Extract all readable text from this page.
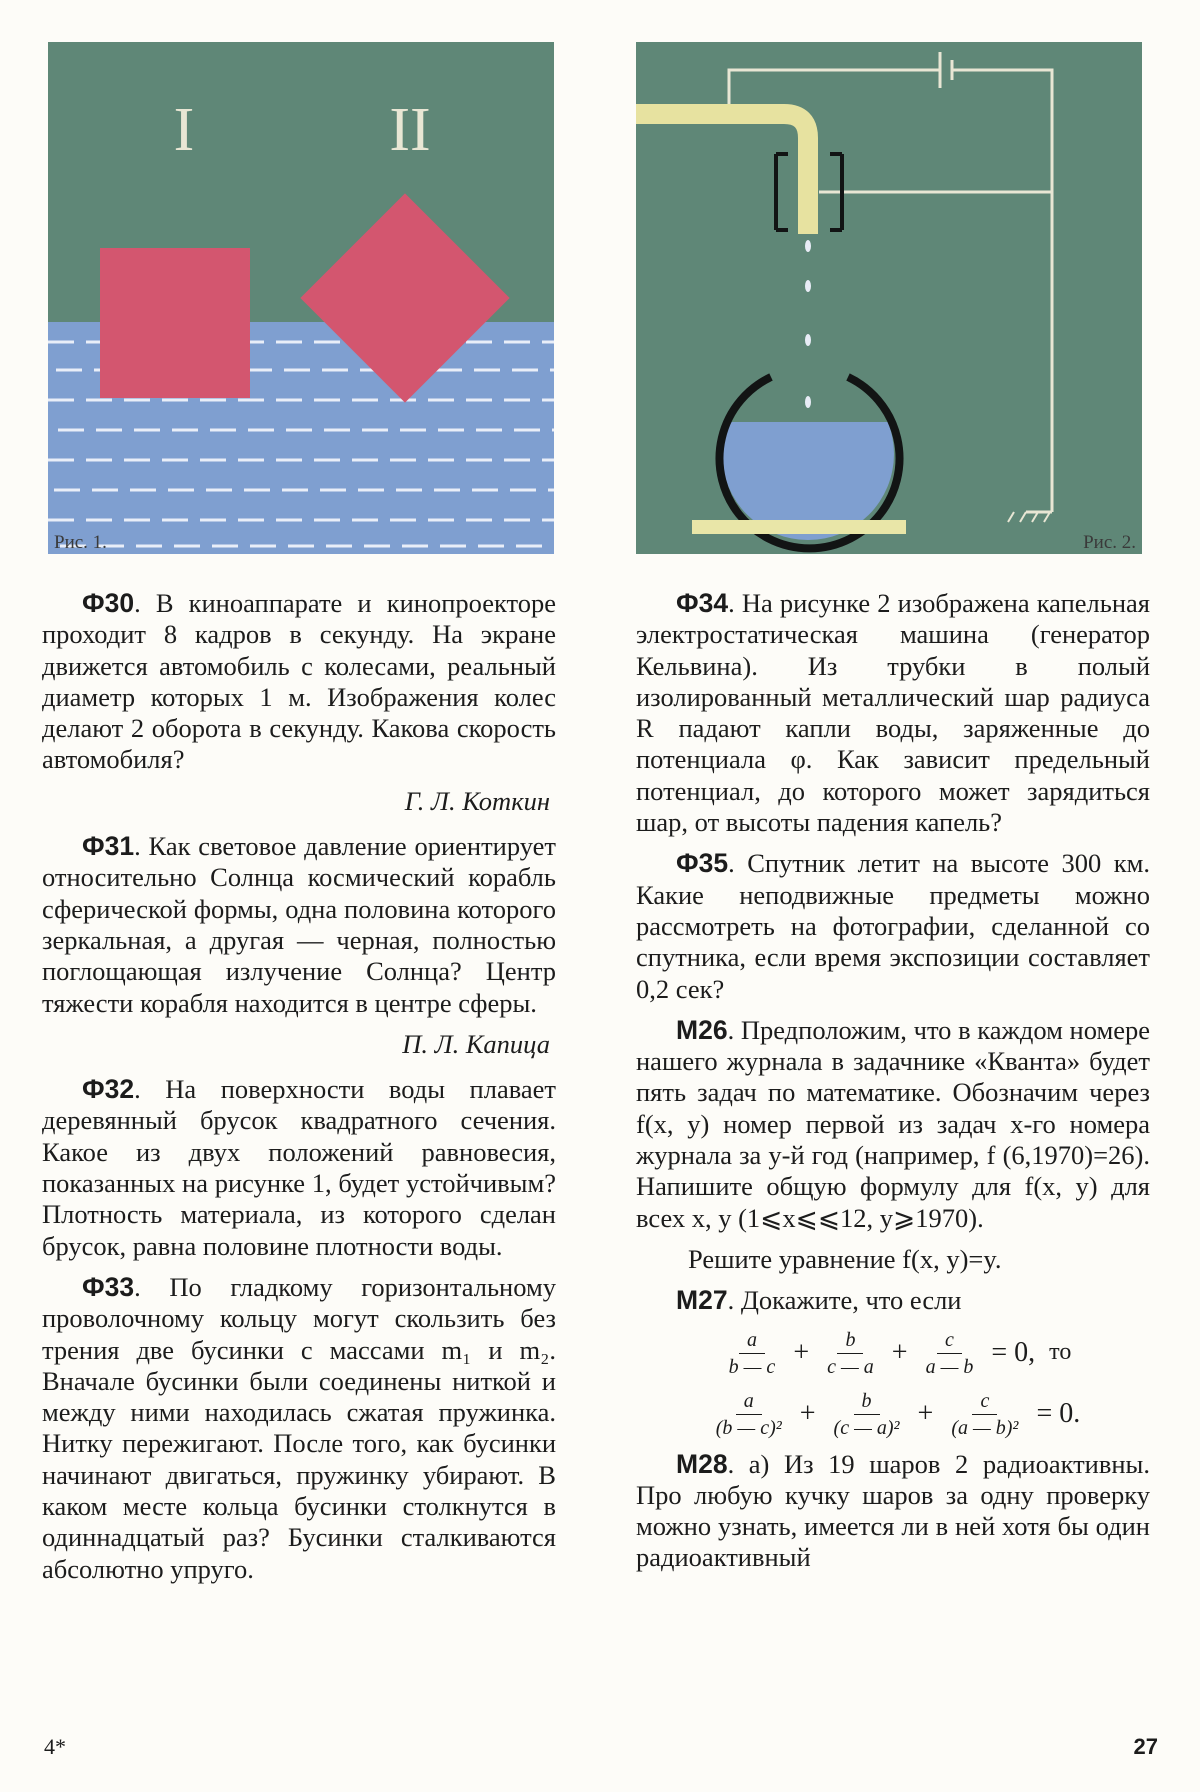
I	II
Рис. 1.	Рис. 2.

Ф30. В киноаппарате и кинопроекторе проходит 8 кадров в секунду. На экране движется автомобиль с колесами, реальный диаметр которых 1 м. Изображения колес делают 2 оборота в секунду. Какова скорость автомобиля?

Г. Л. Коткин

Ф31. Как световое давление ориентирует относительно Солнца космический корабль сферической формы, одна половина которого зеркальная, а другая — черная, полностью поглощающая излучение Солнца? Центр тяжести корабля находится в центре сферы.

П. Л. Капица

Ф32. На поверхности воды плавает деревянный брусок квадратного сечения. Какое из двух положений равновесия, показанных на рисунке 1, будет устойчивым? Плотность материала, из которого сделан брусок, равна половине плотности воды.

Ф33. По гладкому горизонтальному проволочному кольцу могут скользить без трения две бусинки с массами m₁ и m₂. Вначале бусинки были соединены ниткой и между ними находилась сжатая пружинка. Нитку пережигают. После того, как бусинки начинают двигаться, пружинку убирают. В каком месте кольца бусинки столкнутся в одиннадцатый раз? Бусинки сталкиваются абсолютно упруго.

Ф34. На рисунке 2 изображена капельная электростатическая машина (генератор Кельвина). Из трубки в полый изолированный металлический шар радиуса R падают капли воды, заряженные до потенциала φ. Как зависит предельный потенциал, до которого может зарядиться шар, от высоты падения капель?

Ф35. Спутник летит на высоте 300 км. Какие неподвижные предметы можно рассмотреть на фотографии, сделанной со спутника, если время экспозиции составляет 0,2 сек?

М26. Предположим, что в каждом номере нашего журнала в задачнике «Кванта» будет пять задач по математике. Обозначим через f(x, y) номер первой из задач x-го номера журнала за y-й год (например, f (6,1970)=26). Напишите общую формулу для f(x, y) для всех x, y (1⩽x⩽⩽12, y⩾1970).

Решите уравнение f(x, y)=y.

М27. Докажите, что если

$\frac{a}{b — c} + \frac{b}{c — a} + \frac{c}{a — b} = 0$, то
$\frac{a}{\text{(b — c)²}} + \frac{b}{\text{(c — a)²}} + \frac{c}{\text{(a — b)²}} = 0$.

М28. а) Из 19 шаров 2 радиоактивны. Про любую кучку шаров за одну проверку можно узнать, имеется ли в ней хотя бы один радиоактивный

4*	27
